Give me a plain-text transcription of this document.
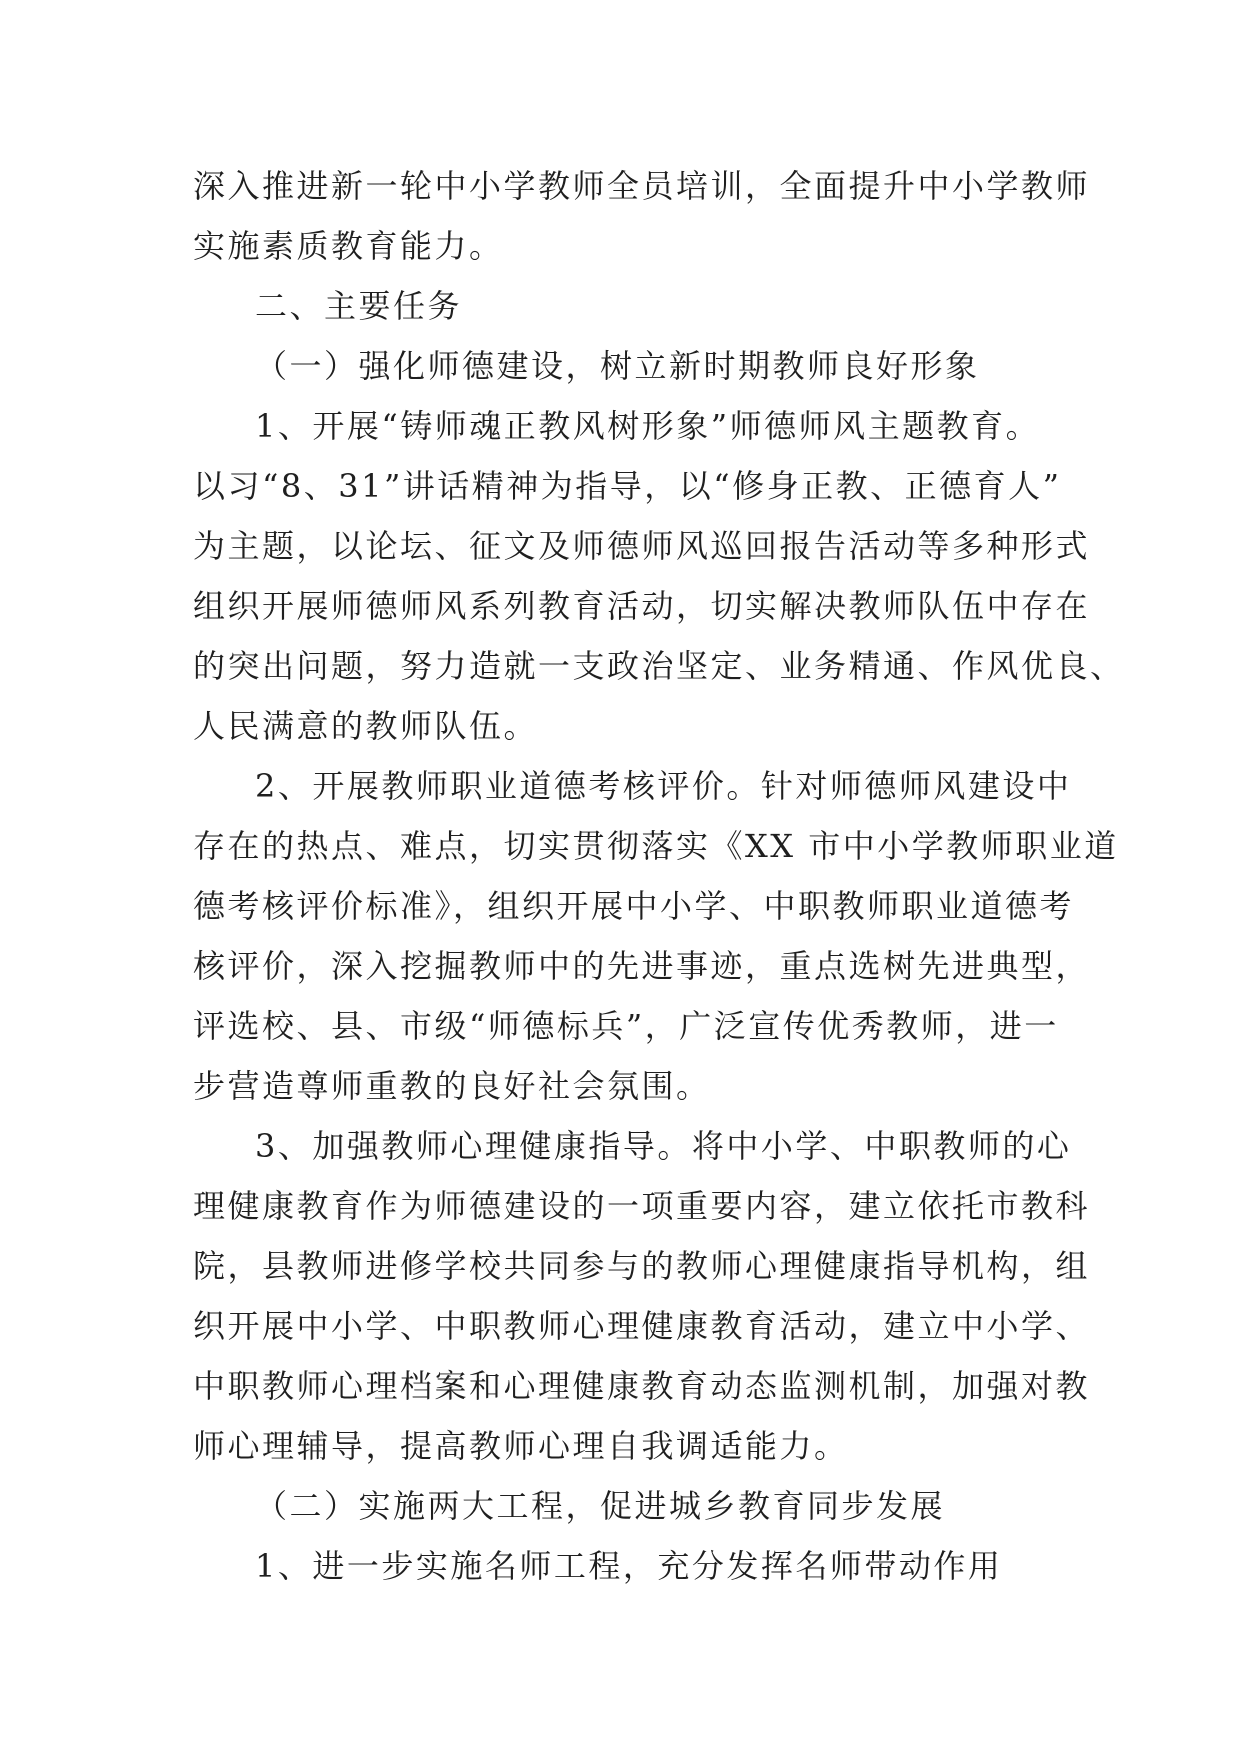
深入推进新一轮中小学教师全员培训，全面提升中小学教师
实施素质教育能力。
二、主要任务
（一）强化师德建设，树立新时期教师良好形象
1、开展“铸师魂正教风树形象”师德师风主题教育。
以习“8、31”讲话精神为指导，以“修身正教、正德育人”
为主题，以论坛、征文及师德师风巡回报告活动等多种形式
组织开展师德师风系列教育活动，切实解决教师队伍中存在
的突出问题，努力造就一支政治坚定、业务精通、作风优良、
人民满意的教师队伍。
2、开展教师职业道德考核评价。针对师德师风建设中
存在的热点、难点，切实贯彻落实《XX 市中小学教师职业道
德考核评价标准》，组织开展中小学、中职教师职业道德考
核评价，深入挖掘教师中的先进事迹，重点选树先进典型，
评选校、县、市级“师德标兵”，广泛宣传优秀教师，进一
步营造尊师重教的良好社会氛围。
3、加强教师心理健康指导。将中小学、中职教师的心
理健康教育作为师德建设的一项重要内容，建立依托市教科
院，县教师进修学校共同参与的教师心理健康指导机构，组
织开展中小学、中职教师心理健康教育活动，建立中小学、
中职教师心理档案和心理健康教育动态监测机制，加强对教
师心理辅导，提高教师心理自我调适能力。
（二）实施两大工程，促进城乡教育同步发展
1、进一步实施名师工程，充分发挥名师带动作用
